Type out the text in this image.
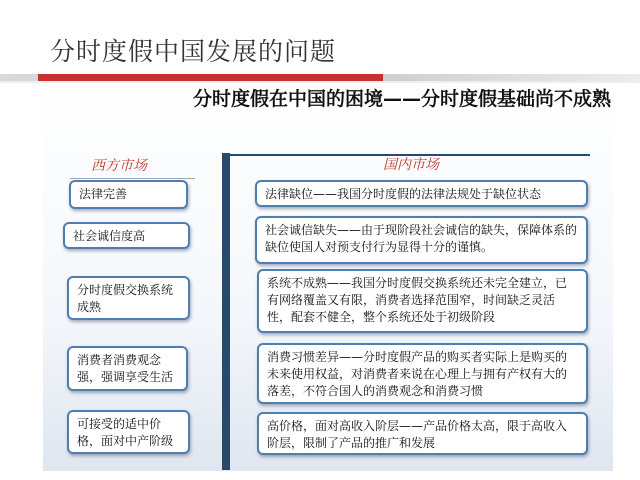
分时度假中国发展的问题

分时度假在中国的困境——分时度假基础尚不成熟

西方市场	国内市场
法律完善
社会诚信度高
分时度假交换系统成熟
消费者消费观念强，强调享受生活
可接受的适中价格，面对中产阶级
法律缺位——我国分时度假的法律法规处于缺位状态
社会诚信缺失——由于现阶段社会诚信的缺失，保障体系的缺位使国人对预支付行为显得十分的谨慎。
系统不成熟——我国分时度假交换系统还未完全建立，已有网络覆盖又有限，消费者选择范围窄，时间缺乏灵活性，配套不健全，整个系统还处于初级阶段
消费习惯差异——分时度假产品的购买者实际上是购买的未来使用权益，对消费者来说在心理上与拥有产权有大的落差，不符合国人的消费观念和消费习惯
高价格，面对高收入阶层——产品价格太高，限于高收入阶层，限制了产品的推广和发展
